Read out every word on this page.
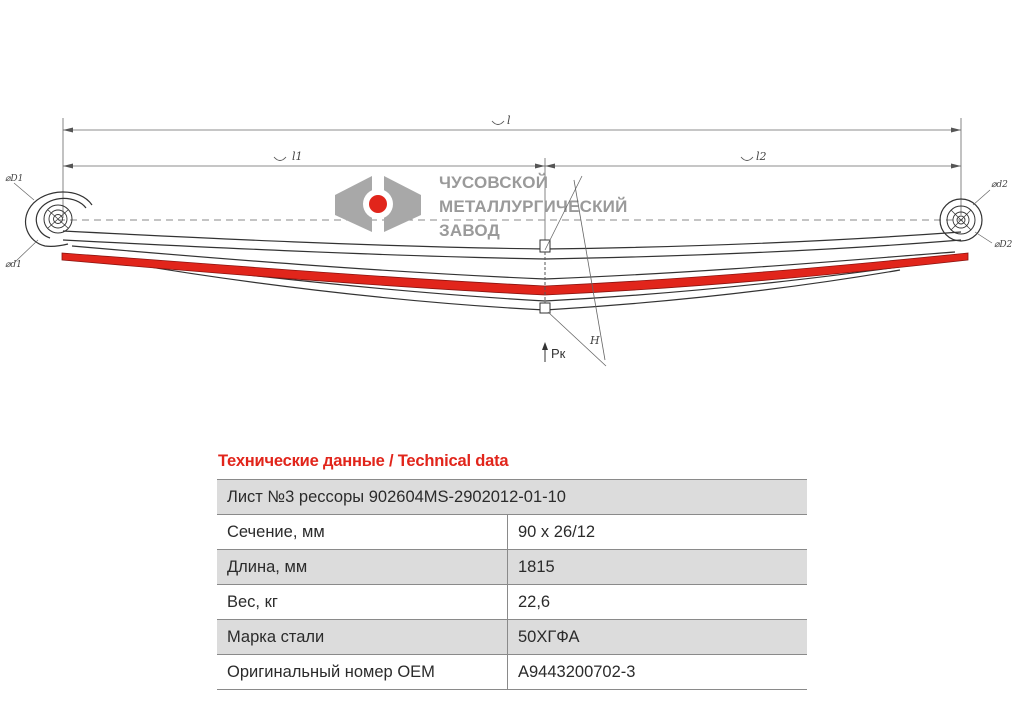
l
l1	l2
ЧУСОВСКОЙ
МЕТАЛЛУРГИЧЕСКИЙ
ЗАВОД
⌀D1
⌀d1
⌀d2
⌀D2
H
Pк
Технические данные / Technical data
Лист №3 рессоры 902604MS-2902012-01-10	
Сечение, мм	90 х 26/12
Длина, мм	1815
Вес, кг	22,6
Марка стали	50ХГФА
Оригинальный номер OEM	A9443200702-3
